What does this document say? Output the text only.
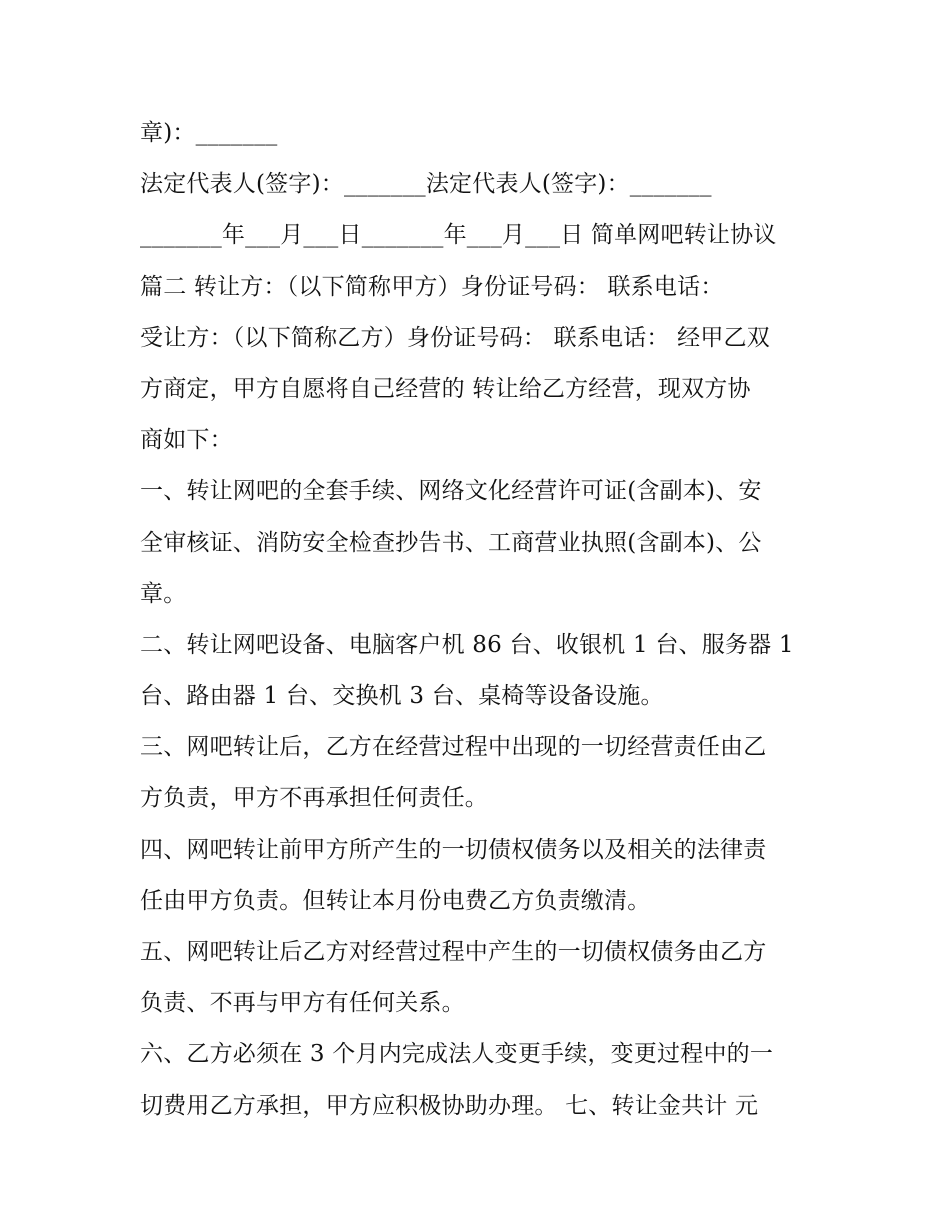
章)：_______
法定代表人(签字)：_______法定代表人(签字)：_______
_______年___月___日_______年___月___日 简单网吧转让协议
篇二 转让方：（以下简称甲方）身份证号码： 联系电话：
受让方：（以下简称乙方）身份证号码： 联系电话： 经甲乙双
方商定，甲方自愿将自己经营的 转让给乙方经营，现双方协
商如下：
一、转让网吧的全套手续、网络文化经营许可证(含副本)、安
全审核证、消防安全检查抄告书、工商营业执照(含副本)、公
章。
二、转让网吧设备、电脑客户机 86 台、收银机 1 台、服务器 1
台、路由器 1 台、交换机 3 台、桌椅等设备设施。
三、网吧转让后，乙方在经营过程中出现的一切经营责任由乙
方负责，甲方不再承担任何责任。
四、网吧转让前甲方所产生的一切债权债务以及相关的法律责
任由甲方负责。但转让本月份电费乙方负责缴清。
五、网吧转让后乙方对经营过程中产生的一切债权债务由乙方
负责、不再与甲方有任何关系。
六、乙方必须在 3 个月内完成法人变更手续，变更过程中的一
切费用乙方承担，甲方应积极协助办理。 七、转让金共计 元
